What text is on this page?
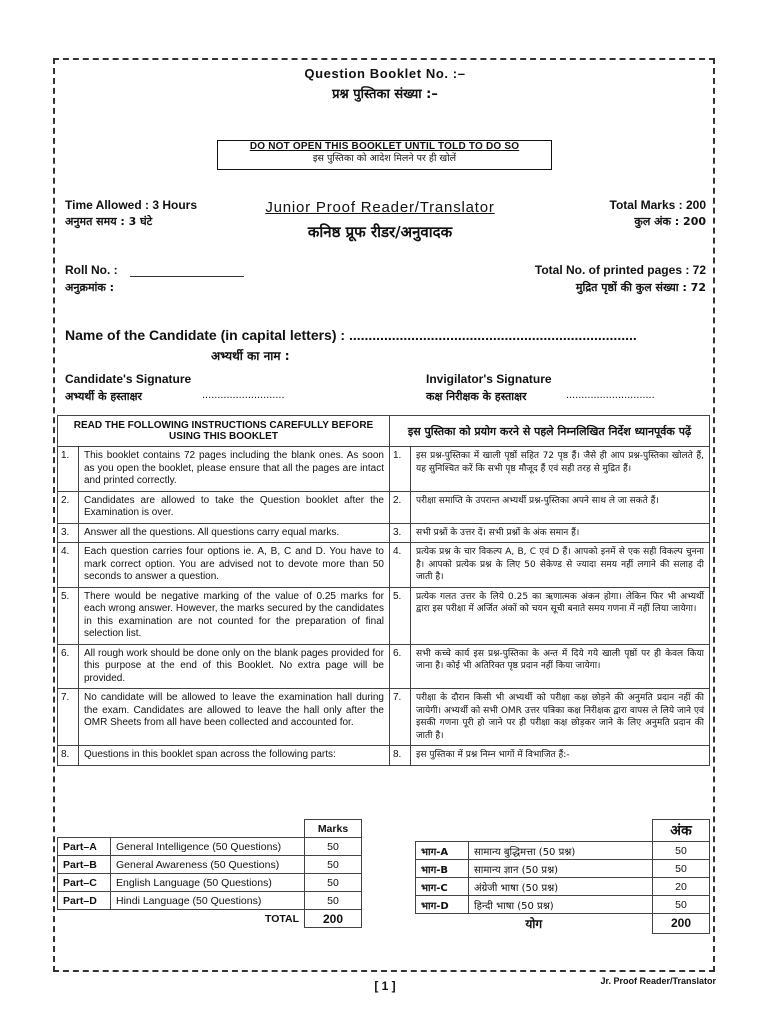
Question Booklet No. :–
प्रश्न पुस्तिका संख्या :–
DO NOT OPEN THIS BOOKLET UNTIL TOLD TO DO SO
इस पुस्तिका को आदेश मिलने पर ही खोलें
Time Allowed : 3 Hours
अनुमत समय : 3 घंटे
Junior Proof Reader/Translator
कनिष्ठ प्रूफ रीडर/अनुवादक
Total Marks : 200
कुल अंक : 200
Roll No. :
अनुक्रमांक :
Total No. of printed pages : 72
मुद्रित पृष्ठों की कुल संख्या : 72
Name of the Candidate (in capital letters) : ..........................................................................
अभ्यर्थी का नाम :
Candidate's Signature
अभ्यर्थी के हस्ताक्षर	...........................
Invigilator's Signature
कक्ष निरीक्षक के हस्ताक्षर	.............................
READ THE FOLLOWING INSTRUCTIONS CAREFULLY BEFORE USING THIS BOOKLET		इस पुस्तिका को प्रयोग करने से पहले निम्नलिखित निर्देश ध्यानपूर्वक पढ़ें	
1.	This booklet contains 72 pages including the blank ones. As soon as you open the booklet, please ensure that all the pages are intact and printed correctly.	1.	इस प्रश्न-पुस्तिका में खाली पृष्ठों सहित 72 पृष्ठ हैं। जैसे ही आप प्रश्न-पुस्तिका खोलते हैं, यह सुनिश्चित करें कि सभी पृष्ठ मौजूद हैं एवं सही तरह से मुद्रित हैं।
2.	Candidates are allowed to take the Question booklet after the Examination is over.	2.	परीक्षा समाप्ति के उपरान्त अभ्यर्थी प्रश्न-पुस्तिका अपने साथ ले जा सकते हैं।
3.	Answer all the questions. All questions carry equal marks.	3.	सभी प्रश्नों के उत्तर दें। सभी प्रश्नों के अंक समान हैं।
4.	Each question carries four options ie. A, B, C and D. You have to mark correct option. You are advised not to devote more than 50 seconds to answer a question.	4.	प्रत्येक प्रश्न के चार विकल्प A, B, C एवं D हैं। आपको इनमें से एक सही विकल्प चुनना है। आपको प्रत्येक प्रश्न के लिए 50 सेकेण्ड से ज्यादा समय नहीं लगाने की सलाह दी जाती है।
5.	There would be negative marking of the value of 0.25 marks for each wrong answer. However, the marks secured by the candidates in this examination are not counted for the preparation of final selection list.	5.	प्रत्येक गलत उत्तर के लिये 0.25 का ऋणात्मक अंकन होगा। लेकिन फिर भी अभ्यर्थी द्वारा इस परीक्षा में अर्जित अंकों को चयन सूची बनाते समय गणना में नहीं लिया जायेगा।
6.	All rough work should be done only on the blank pages provided for this purpose at the end of this Booklet. No extra page will be provided.	6.	सभी कच्चे कार्य इस प्रश्न-पुस्तिका के अन्त में दिये गये खाली पृष्ठों पर ही केवल किया जाना है। कोई भी अतिरिक्त पृष्ठ प्रदान नहीं किया जायेगा।
7.	No candidate will be allowed to leave the examination hall during the exam. Candidates are allowed to leave the hall only after the OMR Sheets from all have been collected and accounted for.	7.	परीक्षा के दौरान किसी भी अभ्यर्थी को परीक्षा कक्ष छोड़ने की अनुमति प्रदान नहीं की जायेगी। अभ्यर्थी को सभी OMR उत्तर पत्रिका कक्ष निरीक्षक द्वारा वापस ले लिये जाने एवं इसकी गणना पूरी हो जाने पर ही परीक्षा कक्ष छोड़कर जाने के लिए अनुमति प्रदान की जाती है।
8.	Questions in this booklet span across the following parts:	8.	इस पुस्तिका में प्रश्न निम्न भागों में विभाजित हैं:-
		Marks
Part–A	General Intelligence (50 Questions)	50
Part–B	General Awareness (50 Questions)	50
Part–C	English Language (50 Questions)	50
Part–D	Hindi Language (50 Questions)	50
TOTAL		200
		अंक
भाग-A	सामान्य बुद्धिमत्ता (50 प्रश्न)	50
भाग-B	सामान्य ज्ञान (50 प्रश्न)	50
भाग-C	अंग्रेजी भाषा (50 प्रश्न)	20
भाग-D	हिन्दी भाषा (50 प्रश्न)	50
योग		200
[ 1 ]	Jr. Proof Reader/Translator
